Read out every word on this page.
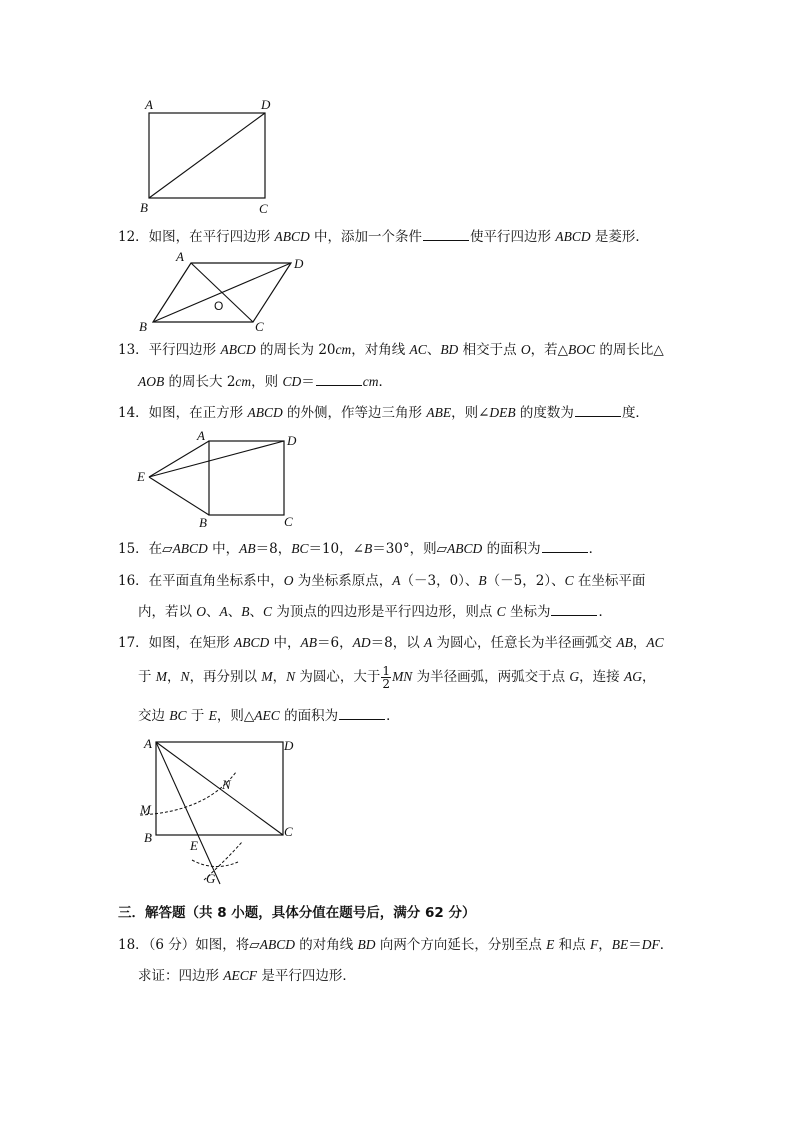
A	D
B	C
12．如图，在平行四边形 ABCD 中，添加一个条件	使平行四边形 ABCD 是菱形．
A	D
B	C
O
13．平行四边形 ABCD 的周长为 20cm，对角线 AC、BD 相交于点 O，若△BOC 的周长比△
AOB 的周长大 2cm，则 CD＝	cm．
14．如图，在正方形 ABCD 的外侧，作等边三角形 ABE，则∠DEB 的度数为	度．
A	D
E
B	C
15．在▱ABCD 中，AB＝8，BC＝10，∠B＝30°，则▱ABCD 的面积为	．
16．在平面直角坐标系中，O 为坐标系原点，A（－3，0）、B（－5，2）、C 在坐标平面
内，若以 O、A、B、C 为顶点的四边形是平行四边形，则点 C 坐标为	．
17．如图，在矩形 ABCD 中，AB＝6，AD＝8，以 A 为圆心，任意长为半径画弧交 AB，AC
于 M，N，再分别以 M，N 为圆心，大于 $\frac{1}{2}$ MN 为半径画弧，两弧交于点 G，连接 AG，
交边 BC 于 E，则△AEC 的面积为	．
A	D
B	C
M
N
E
G
三．解答题（共 8 小题，具体分值在题号后，满分 62 分）
18．（6 分）如图，将▱ABCD 的对角线 BD 向两个方向延长，分别至点 E 和点 F，BE＝DF．
求证：四边形 AECF 是平行四边形．
